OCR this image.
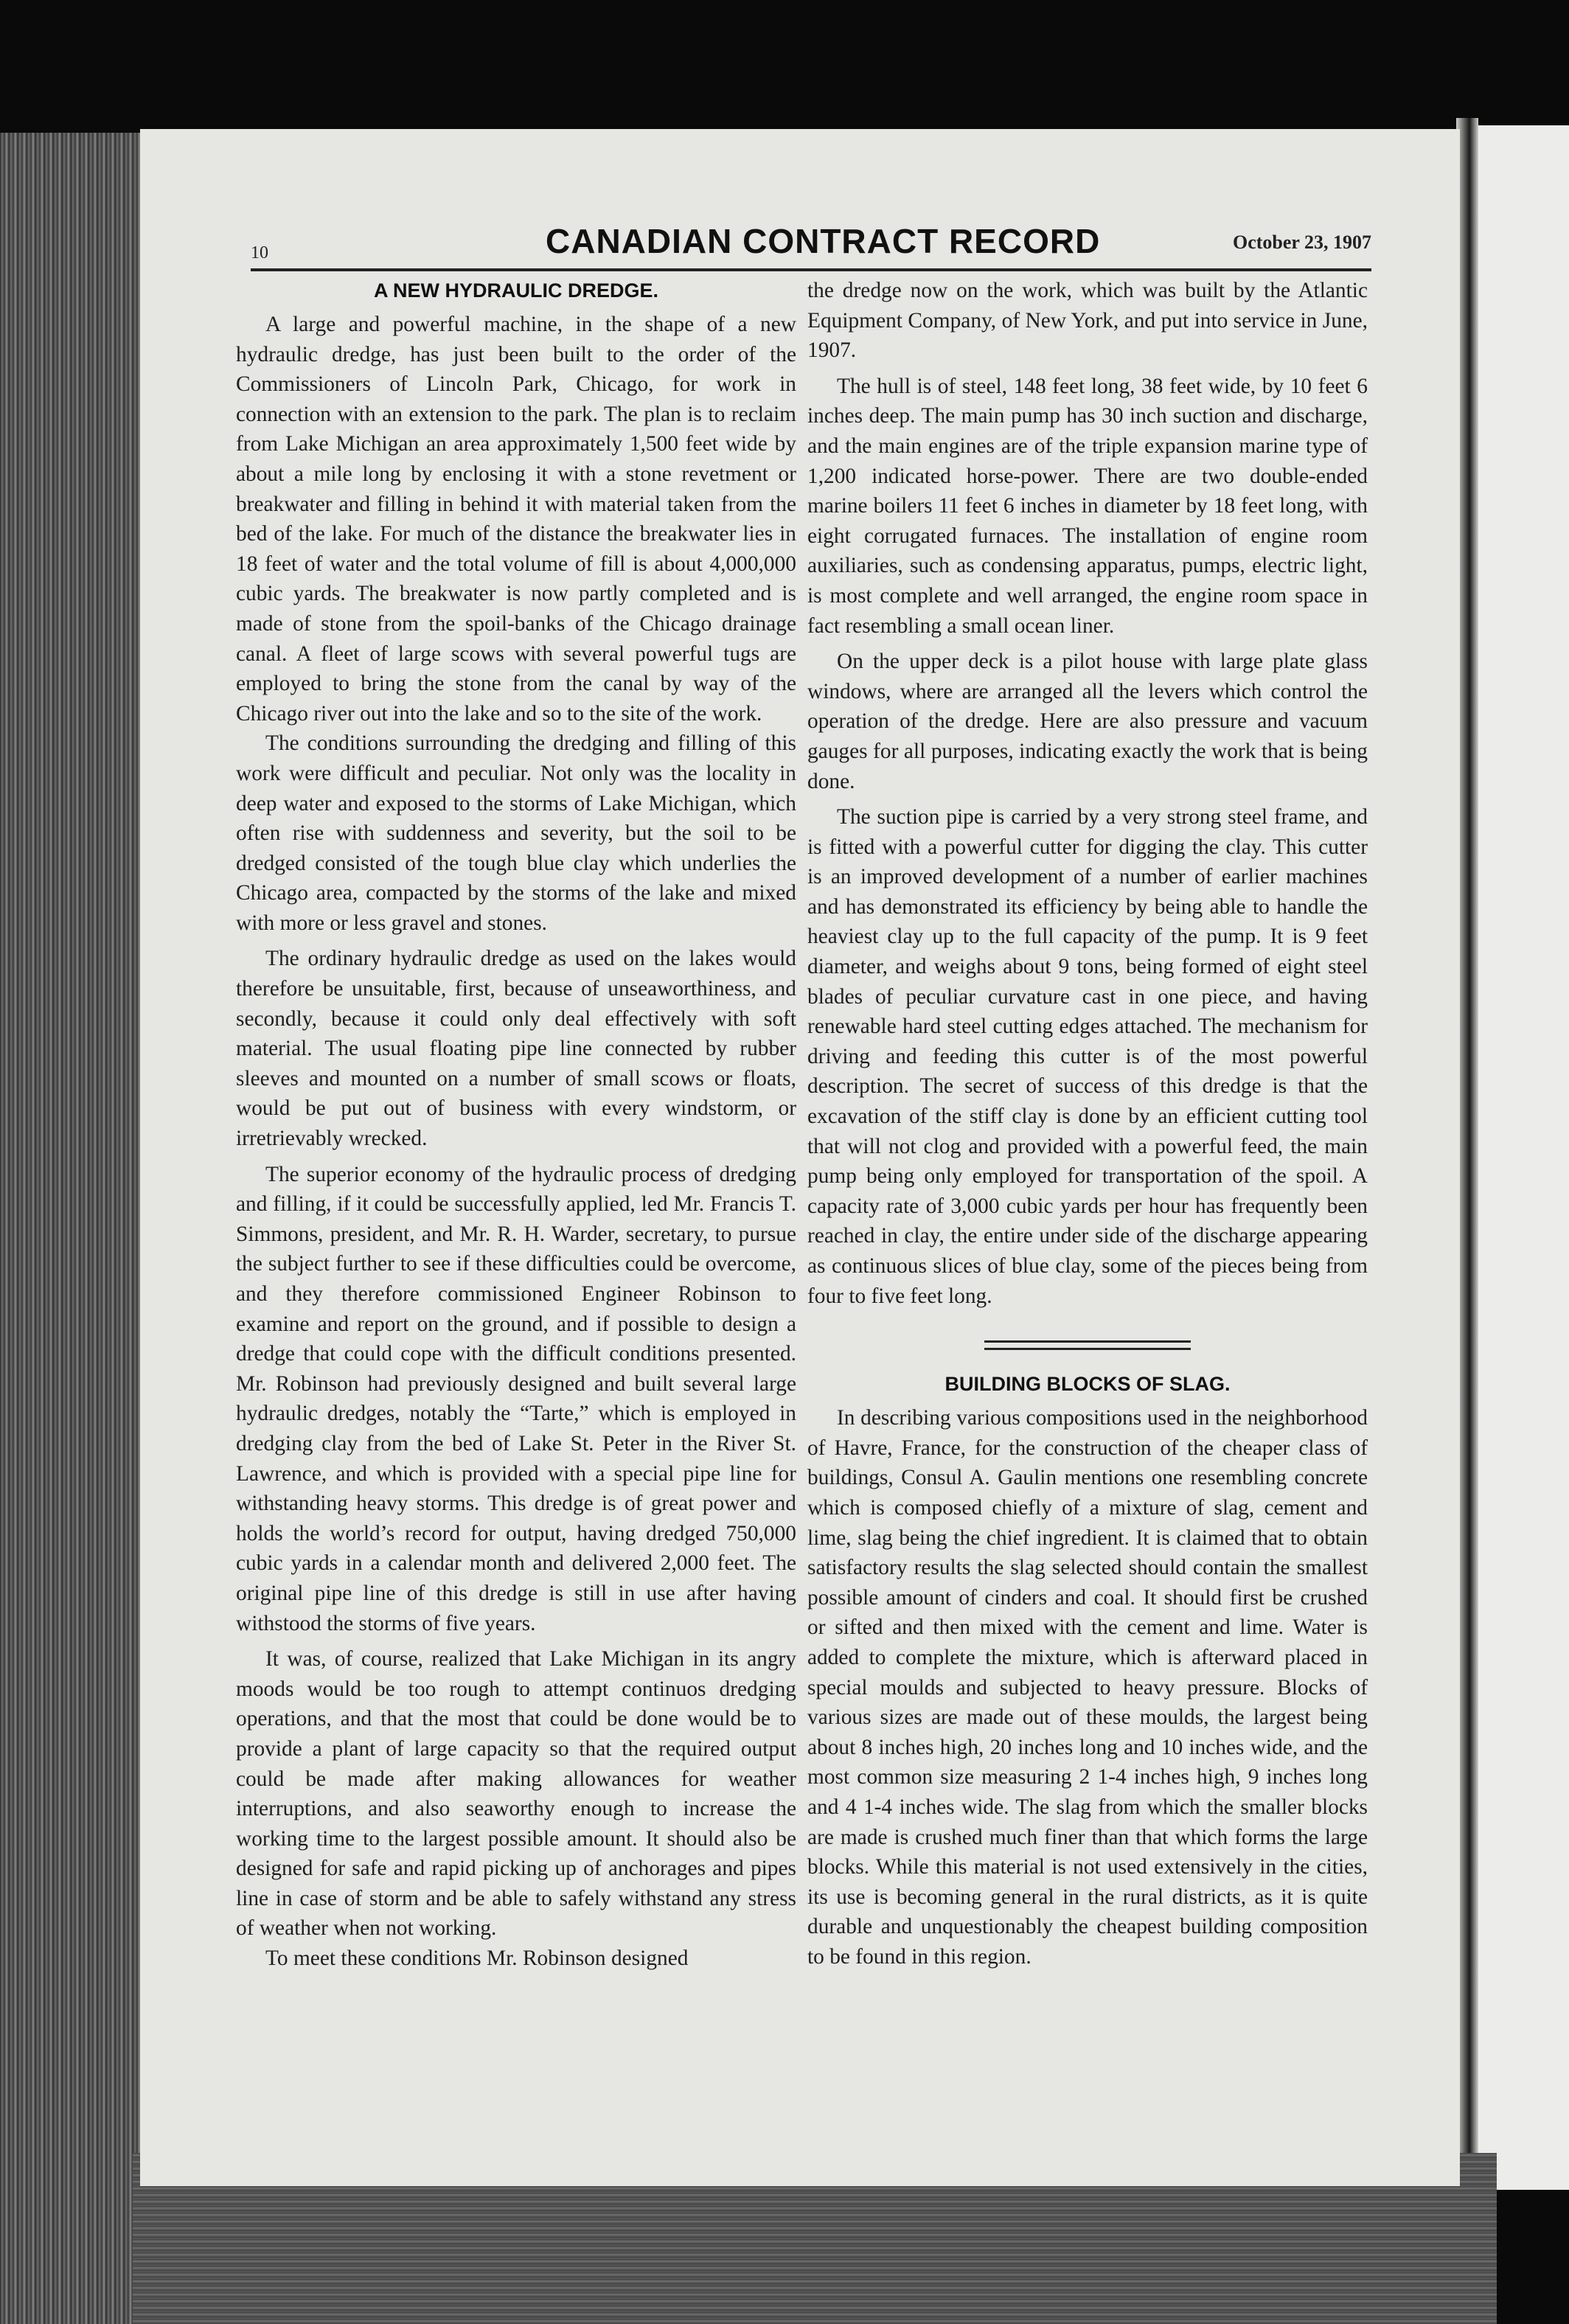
10	CANADIAN CONTRACT RECORD	October 23, 1907
A NEW HYDRAULIC DREDGE.

A large and powerful machine, in the shape of a new hydraulic dredge, has just been built to the order of the Commissioners of Lincoln Park, Chicago, for work in connection with an extension to the park. The plan is to reclaim from Lake Michigan an area approximately 1,500 feet wide by about a mile long by enclosing it with a stone revetment or breakwater and filling in behind it with material taken from the bed of the lake. For much of the distance the breakwater lies in 18 feet of water and the total volume of fill is about 4,000,000 cubic yards. The breakwater is now partly completed and is made of stone from the spoil-banks of the Chicago drainage canal. A fleet of large scows with several powerful tugs are employed to bring the stone from the canal by way of the Chicago river out into the lake and so to the site of the work.

The conditions surrounding the dredging and filling of this work were difficult and peculiar. Not only was the locality in deep water and exposed to the storms of Lake Michigan, which often rise with suddenness and severity, but the soil to be dredged consisted of the tough blue clay which underlies the Chicago area, compacted by the storms of the lake and mixed with more or less gravel and stones.

The ordinary hydraulic dredge as used on the lakes would therefore be unsuitable, first, because of unseaworthiness, and secondly, because it could only deal effectively with soft material. The usual floating pipe line connected by rubber sleeves and mounted on a number of small scows or floats, would be put out of business with every windstorm, or irretrievably wrecked.

The superior economy of the hydraulic process of dredging and filling, if it could be successfully applied, led Mr. Francis T. Simmons, president, and Mr. R. H. Warder, secretary, to pursue the subject further to see if these difficulties could be overcome, and they therefore commissioned Engineer Robinson to examine and report on the ground, and if possible to design a dredge that could cope with the difficult conditions presented. Mr. Robinson had previously designed and built several large hydraulic dredges, notably the “Tarte,” which is employed in dredging clay from the bed of Lake St. Peter in the River St. Lawrence, and which is provided with a special pipe line for withstanding heavy storms. This dredge is of great power and holds the world’s record for output, having dredged 750,000 cubic yards in a calendar month and delivered 2,000 feet. The original pipe line of this dredge is still in use after having withstood the storms of five years.

It was, of course, realized that Lake Michigan in its angry moods would be too rough to attempt continuos dredging operations, and that the most that could be done would be to provide a plant of large capacity so that the required output could be made after making allowances for weather interruptions, and also seaworthy enough to increase the working time to the largest possible amount. It should also be designed for safe and rapid picking up of anchorages and pipes line in case of storm and be able to safely withstand any stress of weather when not working.

To meet these conditions Mr. Robinson designed

the dredge now on the work, which was built by the Atlantic Equipment Company, of New York, and put into service in June, 1907.

The hull is of steel, 148 feet long, 38 feet wide, by 10 feet 6 inches deep. The main pump has 30 inch suction and discharge, and the main engines are of the triple expansion marine type of 1,200 indicated horse-power. There are two double-ended marine boilers 11 feet 6 inches in diameter by 18 feet long, with eight corrugated furnaces. The installation of engine room auxiliaries, such as condensing apparatus, pumps, electric light, is most complete and well arranged, the engine room space in fact resembling a small ocean liner.

On the upper deck is a pilot house with large plate glass windows, where are arranged all the levers which control the operation of the dredge. Here are also pressure and vacuum gauges for all purposes, indicating exactly the work that is being done.

The suction pipe is carried by a very strong steel frame, and is fitted with a powerful cutter for digging the clay. This cutter is an improved development of a number of earlier machines and has demonstrated its efficiency by being able to handle the heaviest clay up to the full capacity of the pump. It is 9 feet diameter, and weighs about 9 tons, being formed of eight steel blades of peculiar curvature cast in one piece, and having renewable hard steel cutting edges attached. The mechanism for driving and feeding this cutter is of the most powerful description. The secret of success of this dredge is that the excavation of the stiff clay is done by an efficient cutting tool that will not clog and provided with a powerful feed, the main pump being only employed for transportation of the spoil. A capacity rate of 3,000 cubic yards per hour has frequently been reached in clay, the entire under side of the discharge appearing as continuous slices of blue clay, some of the pieces being from four to five feet long.

BUILDING BLOCKS OF SLAG.

In describing various compositions used in the neighborhood of Havre, France, for the construction of the cheaper class of buildings, Consul A. Gaulin mentions one resembling concrete which is composed chiefly of a mixture of slag, cement and lime, slag being the chief ingredient. It is claimed that to obtain satisfactory results the slag selected should contain the smallest possible amount of cinders and coal. It should first be crushed or sifted and then mixed with the cement and lime. Water is added to complete the mixture, which is afterward placed in special moulds and subjected to heavy pressure. Blocks of various sizes are made out of these moulds, the largest being about 8 inches high, 20 inches long and 10 inches wide, and the most common size measuring 2 1-4 inches high, 9 inches long and 4 1-4 inches wide. The slag from which the smaller blocks are made is crushed much finer than that which forms the large blocks. While this material is not used extensively in the cities, its use is becoming general in the rural districts, as it is quite durable and unquestionably the cheapest building composition to be found in this region.
